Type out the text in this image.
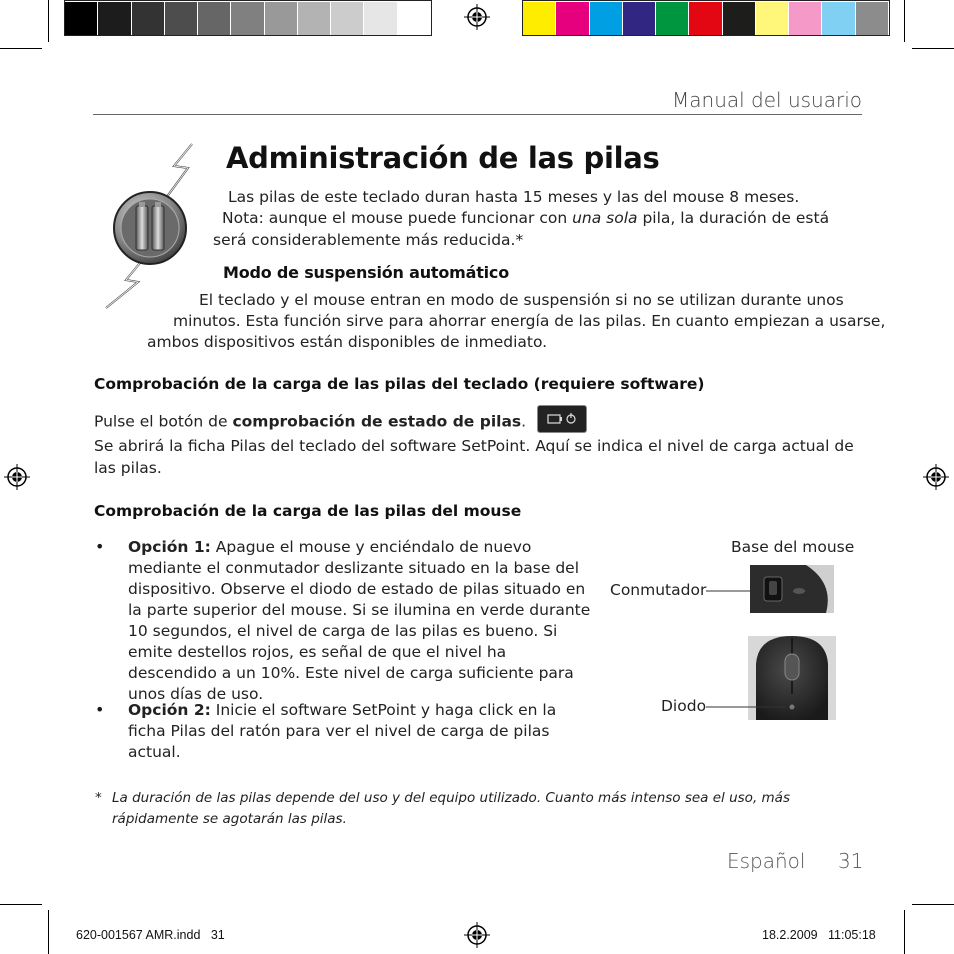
Manual del usuario
Administración de las pilas
Las pilas de este teclado duran hasta 15 meses y las del mouse 8 meses.
Nota: aunque el mouse puede funcionar con una sola pila, la duración de está
será considerablemente más reducida.*
Modo de suspensión automático
El teclado y el mouse entran en modo de suspensión si no se utilizan durante unos
minutos. Esta función sirve para ahorrar energía de las pilas. En cuanto empiezan a usarse,
ambos dispositivos están disponibles de inmediato.
Comprobación de la carga de las pilas del teclado (requiere software)
Pulse el botón de comprobación de estado de pilas.
Se abrirá la ficha Pilas del teclado del software SetPoint. Aquí se indica el nivel de carga actual de
las pilas.
Comprobación de la carga de las pilas del mouse
• Opción 1: Apague el mouse y enciéndalo de nuevo mediante el conmutador deslizante situado en la base del dispositivo. Observe el diodo de estado de pilas situado en la parte superior del mouse. Si se ilumina en verde durante 10 segundos, el nivel de carga de las pilas es bueno. Si emite destellos rojos, es señal de que el nivel ha descendido a un 10%. Este nivel de carga suficiente para unos días de uso.
• Opción 2: Inicie el software SetPoint y haga click en la ficha Pilas del ratón para ver el nivel de carga de pilas actual.
Base del mouse
Conmutador
Diodo
* La duración de las pilas depende del uso y del equipo utilizado. Cuanto más intenso sea el uso, más rápidamente se agotarán las pilas.
Español 31
620-001567 AMR.indd   31	18.2.2009   11:05:18
